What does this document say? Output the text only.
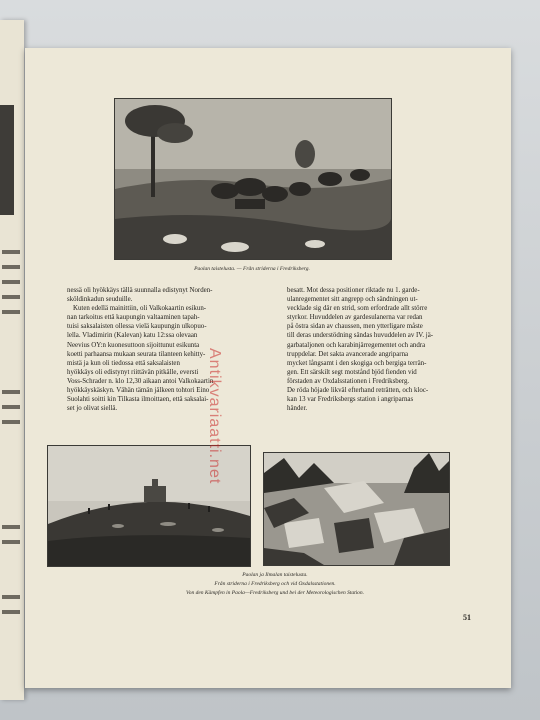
Paolan taistelusta. — Från striderna i Fredriksberg.
nessä oli hyökkäys tällä suunnalla edistynyt Norden-
sköldinkadun seuduille.
Kuten edellä mainittiin, oli Valkokaartin esikun-
nan tarkoitus että kaupungin valtaaminen tapah-
tuisi saksalaisten ollessa vielä kaupungin ulkopuo-
lella. Vladimirin (Kalevan) katu 12:ssa olevaan
Neevius OY:n kuonesuttoon sijoittunut esikunta
koetti parhaansa mukaan seurata tilanteen kehitty-
mistä ja kun oli tiedossa että saksalaisten
hyökkäys oli edistynyt riittävän pitkälle, eversti
Voss-Schrader n. klo 12,30 aikaan antoi Valkokaartin
hyökkäyskäskyn. Vähän tämän jälkeen tohtori Eino
Suolahti soitti kin Tilkasta ilmoittaen, että saksalai-
set jo olivat siellä.
besatt. Mot dessa positioner riktade nu 1. garde-
ulanregementet sitt angrepp och sändningen ut-
vecklade sig där en strid, som erfordrade allt större
styrkor. Huvuddelen av gardesulanerna var redan
på östra sidan av chaussen, men ytterligare måste
till deras understödning sändas huvuddelen av IV. jä-
garbataljonen och karabinjärregementet och andra
truppdelar. Det sakta avancerade angriparna
mycket långsamt i den skogiga och bergiga terrän-
gen. Ett särskilt segt motstånd bjöd fienden vid
förstaden av Oxdalsstationen i Fredriksberg.
De röda höjade likväl efterhand reträtten, och kloc-
kan 13 var Fredriksbergs station i angriparnas
händer.
Paolan ja Ilmalan taistelusta.
Från striderna i Fredriksberg och vid Oxdalsstationen.
Von den Kämpfen in Paola—Fredriksberg und bei der Meteorologischen Station.
51
Antikvariaatti.net
